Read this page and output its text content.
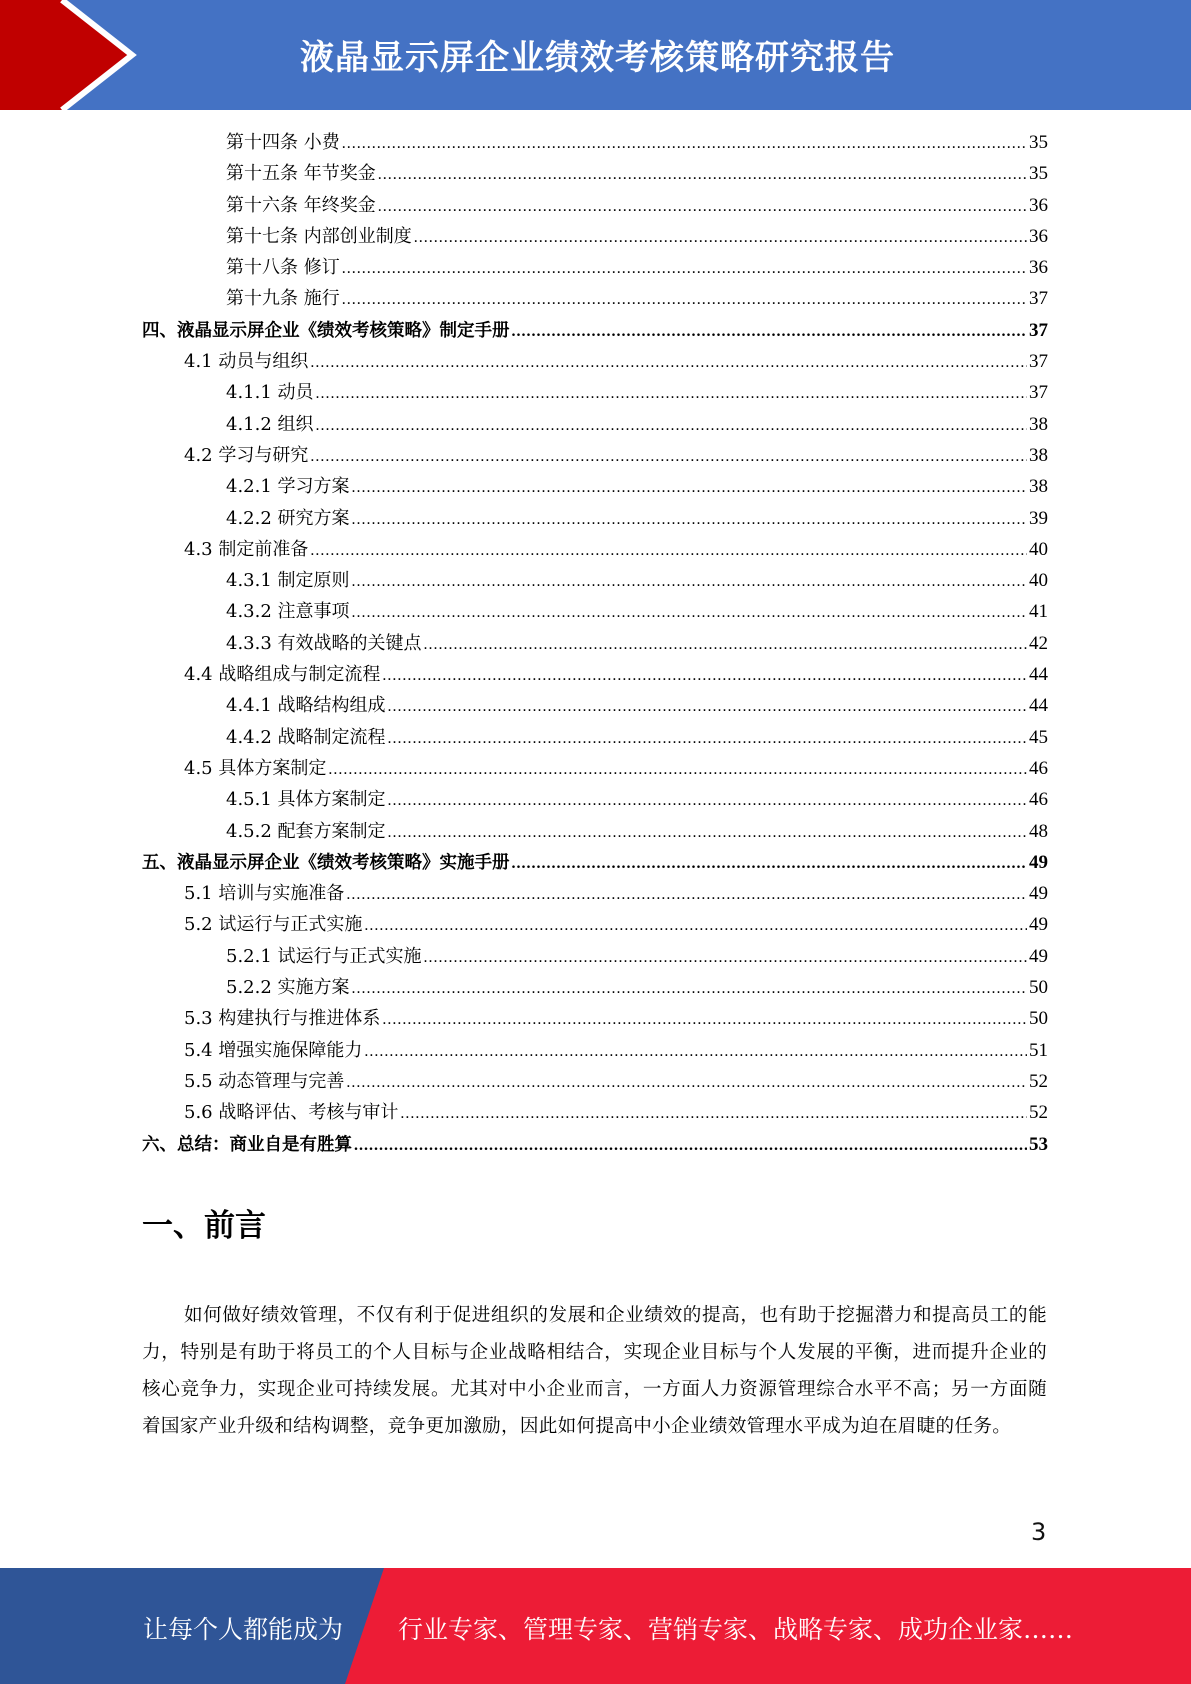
液晶显示屏企业绩效考核策略研究报告
第十四条 小费 .....	35
第十五条 年节奖金 .....	35
第十六条 年终奖金 .....	36
第十七条 内部创业制度 .....	36
第十八条 修订 .....	36
第十九条 施行 .....	37
四、液晶显示屏企业《绩效考核策略》制定手册 .....	37
4.1 动员与组织 .....	37
4.1.1 动员 .....	37
4.1.2 组织 .....	38
4.2 学习与研究 .....	38
4.2.1 学习方案 .....	38
4.2.2 研究方案 .....	39
4.3 制定前准备 .....	40
4.3.1 制定原则 .....	40
4.3.2 注意事项 .....	41
4.3.3 有效战略的关键点 .....	42
4.4 战略组成与制定流程 .....	44
4.4.1 战略结构组成 .....	44
4.4.2 战略制定流程 .....	45
4.5 具体方案制定 .....	46
4.5.1 具体方案制定 .....	46
4.5.2 配套方案制定 .....	48
五、液晶显示屏企业《绩效考核策略》实施手册 .....	49
5.1 培训与实施准备 .....	49
5.2 试运行与正式实施 .....	49
5.2.1 试运行与正式实施 .....	49
5.2.2 实施方案 .....	50
5.3 构建执行与推进体系 .....	50
5.4 增强实施保障能力 .....	51
5.5 动态管理与完善 .....	52
5.6 战略评估、考核与审计 .....	52
六、总结：商业自是有胜算 .....	53
一、前言
如何做好绩效管理，不仅有利于促进组织的发展和企业绩效的提高，也有助于挖掘潜力和提高员工的能力，特别是有助于将员工的个人目标与企业战略相结合，实现企业目标与个人发展的平衡，进而提升企业的核心竞争力，实现企业可持续发展。尤其对中小企业而言，一方面人力资源管理综合水平不高；另一方面随着国家产业升级和结构调整，竞争更加激励，因此如何提高中小企业绩效管理水平成为迫在眉睫的任务。
3
让每个人都能成为 行业专家、管理专家、营销专家、战略专家、成功企业家……
